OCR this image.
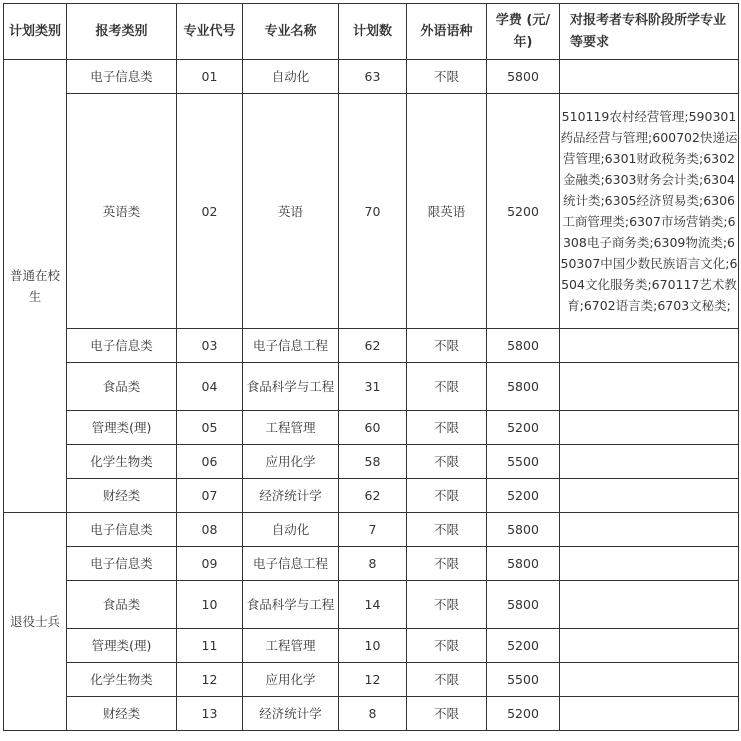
计划类别	报考类别	专业代号	专业名称	计划数	外语语种	学费 (元/年)	对报考者专科阶段所学专业等要求
普通在校生	电子信息类	01	自动化	63	不限	5800	
	英语类	02	英语	70	限英语	5200	510119农村经营管理;590301药品经营与管理;600702快递运营管理;6301财政税务类;6302金融类;6303财务会计类;6304统计类;6305经济贸易类;6306工商管理类;6307市场营销类;6308电子商务类;6309物流类;650307中国少数民族语言文化;6504文化服务类;670117艺术教育;6702语言类;6703文秘类;
	电子信息类	03	电子信息工程	62	不限	5800	
	食品类	04	食品科学与工程	31	不限	5800	
	管理类(理)	05	工程管理	60	不限	5200	
	化学生物类	06	应用化学	58	不限	5500	
	财经类	07	经济统计学	62	不限	5200	
退役士兵	电子信息类	08	自动化	7	不限	5800	
	电子信息类	09	电子信息工程	8	不限	5800	
	食品类	10	食品科学与工程	14	不限	5800	
	管理类(理)	11	工程管理	10	不限	5200	
	化学生物类	12	应用化学	12	不限	5500	
	财经类	13	经济统计学	8	不限	5200	
